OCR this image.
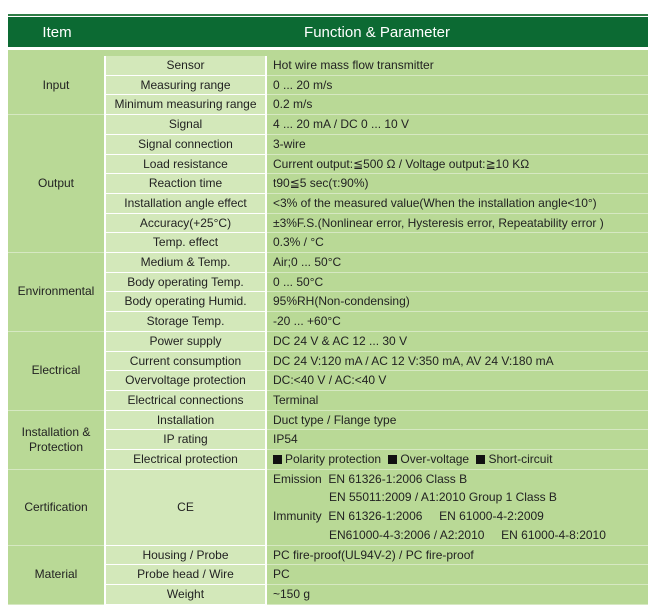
Item	Function & Parameter
Input	Sensor	Hot wire mass flow transmitter
	Measuring range	0 ... 20 m/s
	Minimum measuring range	0.2 m/s
Output	Signal	4 ... 20 mA / DC 0 ... 10 V
	Signal connection	3-wire
	Load resistance	Current output:≦500 Ω / Voltage output:≧10 KΩ
	Reaction time	t90≦5 sec(τ:90%)
	Installation angle effect	<3% of the measured value(When the installation angle<10°)
	Accuracy(+25°C)	±3%F.S.(Nonlinear error, Hysteresis error, Repeatability error )
	Temp. effect	0.3% / °C
Environmental	Medium & Temp.	Air;0 ... 50°C
	Body operating Temp.	0 ... 50°C
	Body operating Humid.	95%RH(Non-condensing)
	Storage Temp.	-20 ... +60°C
Electrical	Power supply	DC 24 V & AC 12 ... 30 V
	Current consumption	DC 24 V:120 mA / AC 12 V:350 mA, AV 24 V:180 mA
	Overvoltage protection	DC:<40 V / AC:<40 V
	Electrical connections	Terminal
Installation & Protection	Installation	Duct type / Flange type
	IP rating	IP54
	Electrical protection	Polarity protection Over-voltage Short-circuit
Certification	CE	Emission EN 61326-1:2006 Class B
EN 55011:2009 / A1:2010 Group 1 Class B
Immunity EN 61326-1:2006 EN 61000-4-2:2009
EN61000-4-3:2006 / A2:2010 EN 61000-4-8:2010

Material	Housing / Probe	PC fire-proof(UL94V-2) / PC fire-proof
	Probe head / Wire	PC
	Weight	~150 g
